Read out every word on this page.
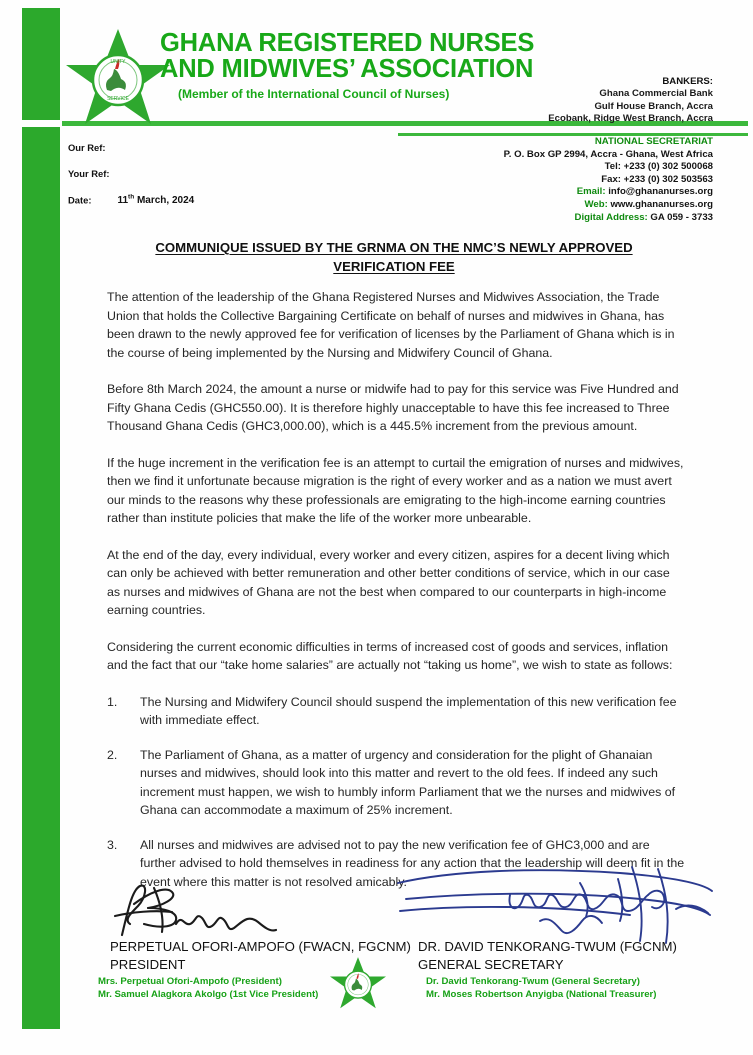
UNITY
SERVICE
GHANA REGISTERED NURSES
AND MIDWIVES’ ASSOCIATION
(Member of the International Council of Nurses)
BANKERS:
Ghana Commercial Bank
Gulf House Branch, Accra
Ecobank, Ridge West Branch, Accra
NATIONAL SECRETARIAT
P. O. Box GP 2994, Accra - Ghana, West Africa
Tel: +233 (0) 302 500068
Fax: +233 (0) 302 503563
Email: info@ghananurses.org
Web: www.ghananurses.org
Digital Address: GA 059 - 3733
Our Ref:
Your Ref:
Date:	11th March, 2024
COMMUNIQUE ISSUED BY THE GRNMA ON THE NMC’S NEWLY APPROVED
VERIFICATION FEE

The attention of the leadership of the Ghana Registered Nurses and Midwives Association, the Trade Union that holds the Collective Bargaining Certificate on behalf of nurses and midwives in Ghana, has been drawn to the newly approved fee for verification of licenses by the Parliament of Ghana which is in the course of being implemented by the Nursing and Midwifery Council of Ghana.

Before 8th March 2024, the amount a nurse or midwife had to pay for this service was Five Hundred and Fifty Ghana Cedis (GHC550.00). It is therefore highly unacceptable to have this fee increased to Three Thousand Ghana Cedis (GHC3,000.00), which is a 445.5% increment from the previous amount.

If the huge increment in the verification fee is an attempt to curtail the emigration of nurses and midwives, then we find it unfortunate because migration is the right of every worker and as a nation we must avert our minds to the reasons why these professionals are emigrating to the high-income earning countries rather than institute policies that make the life of the worker more unbearable.

At the end of the day, every individual, every worker and every citizen, aspires for a decent living which can only be achieved with better remuneration and other better conditions of service, which in our case as nurses and midwives of Ghana are not the best when compared to our counterparts in high-income earning countries.

Considering the current economic difficulties in terms of increased cost of goods and services, inflation and the fact that our “take home salaries” are actually not “taking us home”, we wish to state as follows:

The Nursing and Midwifery Council should suspend the implementation of this new verification fee with immediate effect.
The Parliament of Ghana, as a matter of urgency and consideration for the plight of Ghanaian nurses and midwives, should look into this matter and revert to the old fees. If indeed any such increment must happen, we wish to humbly inform Parliament that we the nurses and midwives of Ghana can accommodate a maximum of 25% increment.
All nurses and midwives are advised not to pay the new verification fee of GHC3,000 and are further advised to hold themselves in readiness for any action that the leadership will deem fit in the event where this matter is not resolved amicably.
PERPETUAL OFORI-AMPOFO (FWACN, FGCNM)
PRESIDENT
Mrs. Perpetual Ofori-Ampofo (President)
Mr. Samuel Alagkora Akolgo (1st Vice President)
DR. DAVID TENKORANG-TWUM (FGCNM)
GENERAL SECRETARY
Dr. David Tenkorang-Twum (General Secretary)
Mr. Moses Robertson Anyigba (National Treasurer)
